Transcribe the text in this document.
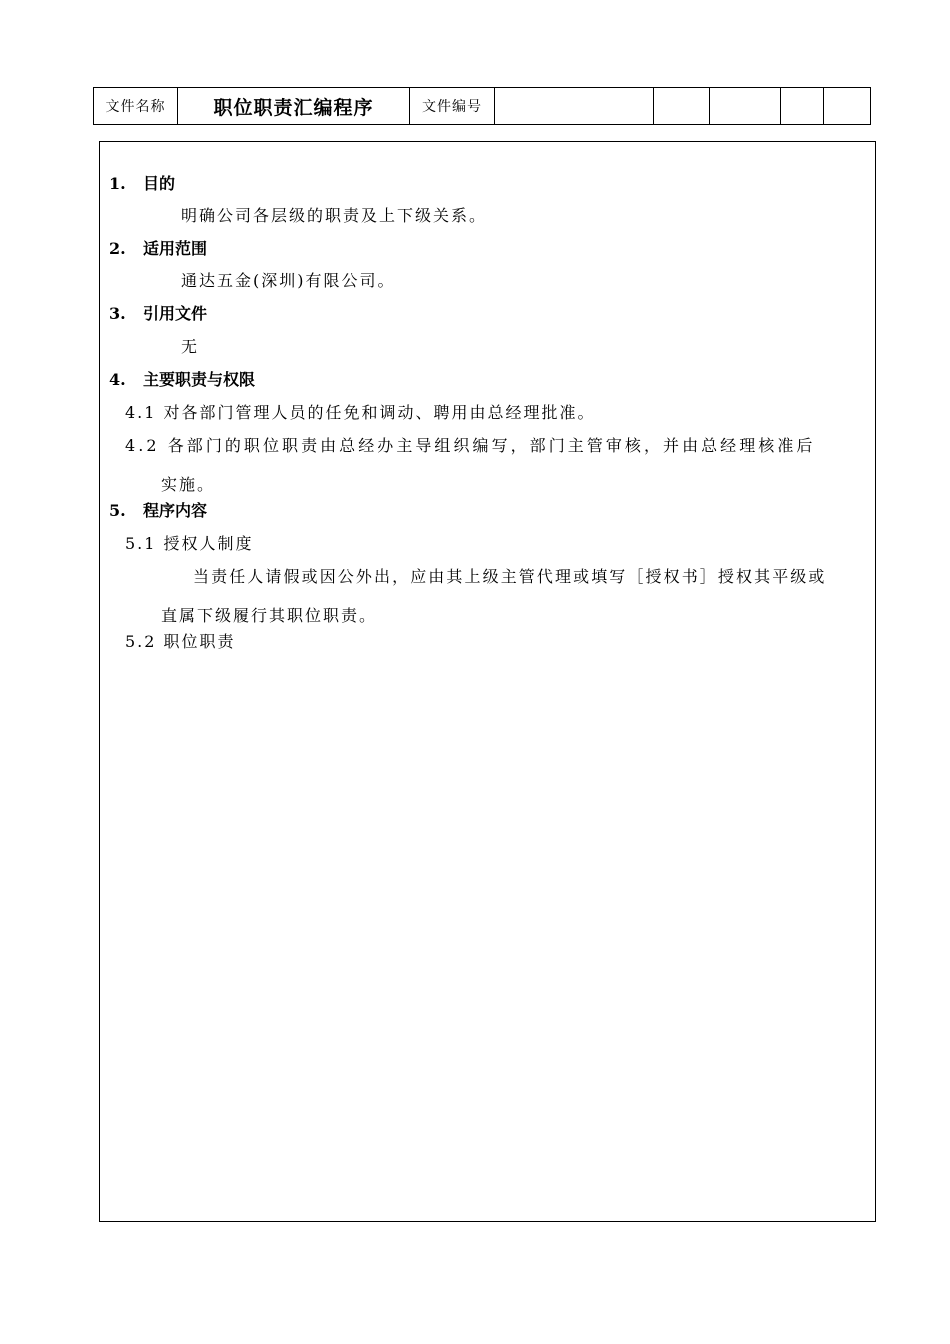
文件名称	职位职责汇编程序	文件编号					
1. 目的
明确公司各层级的职责及上下级关系。
2. 适用范围
通达五金(深圳)有限公司。
3. 引用文件
无
4. 主要职责与权限
4.1 对各部门管理人员的任免和调动、聘用由总经理批准。
4.2 各部门的职位职责由总经办主导组织编写，部门主管审核，并由总经理核准后
实施。
5. 程序内容
5.1 授权人制度
当责任人请假或因公外出，应由其上级主管代理或填写［授权书］授权其平级或
直属下级履行其职位职责。
5.2 职位职责
